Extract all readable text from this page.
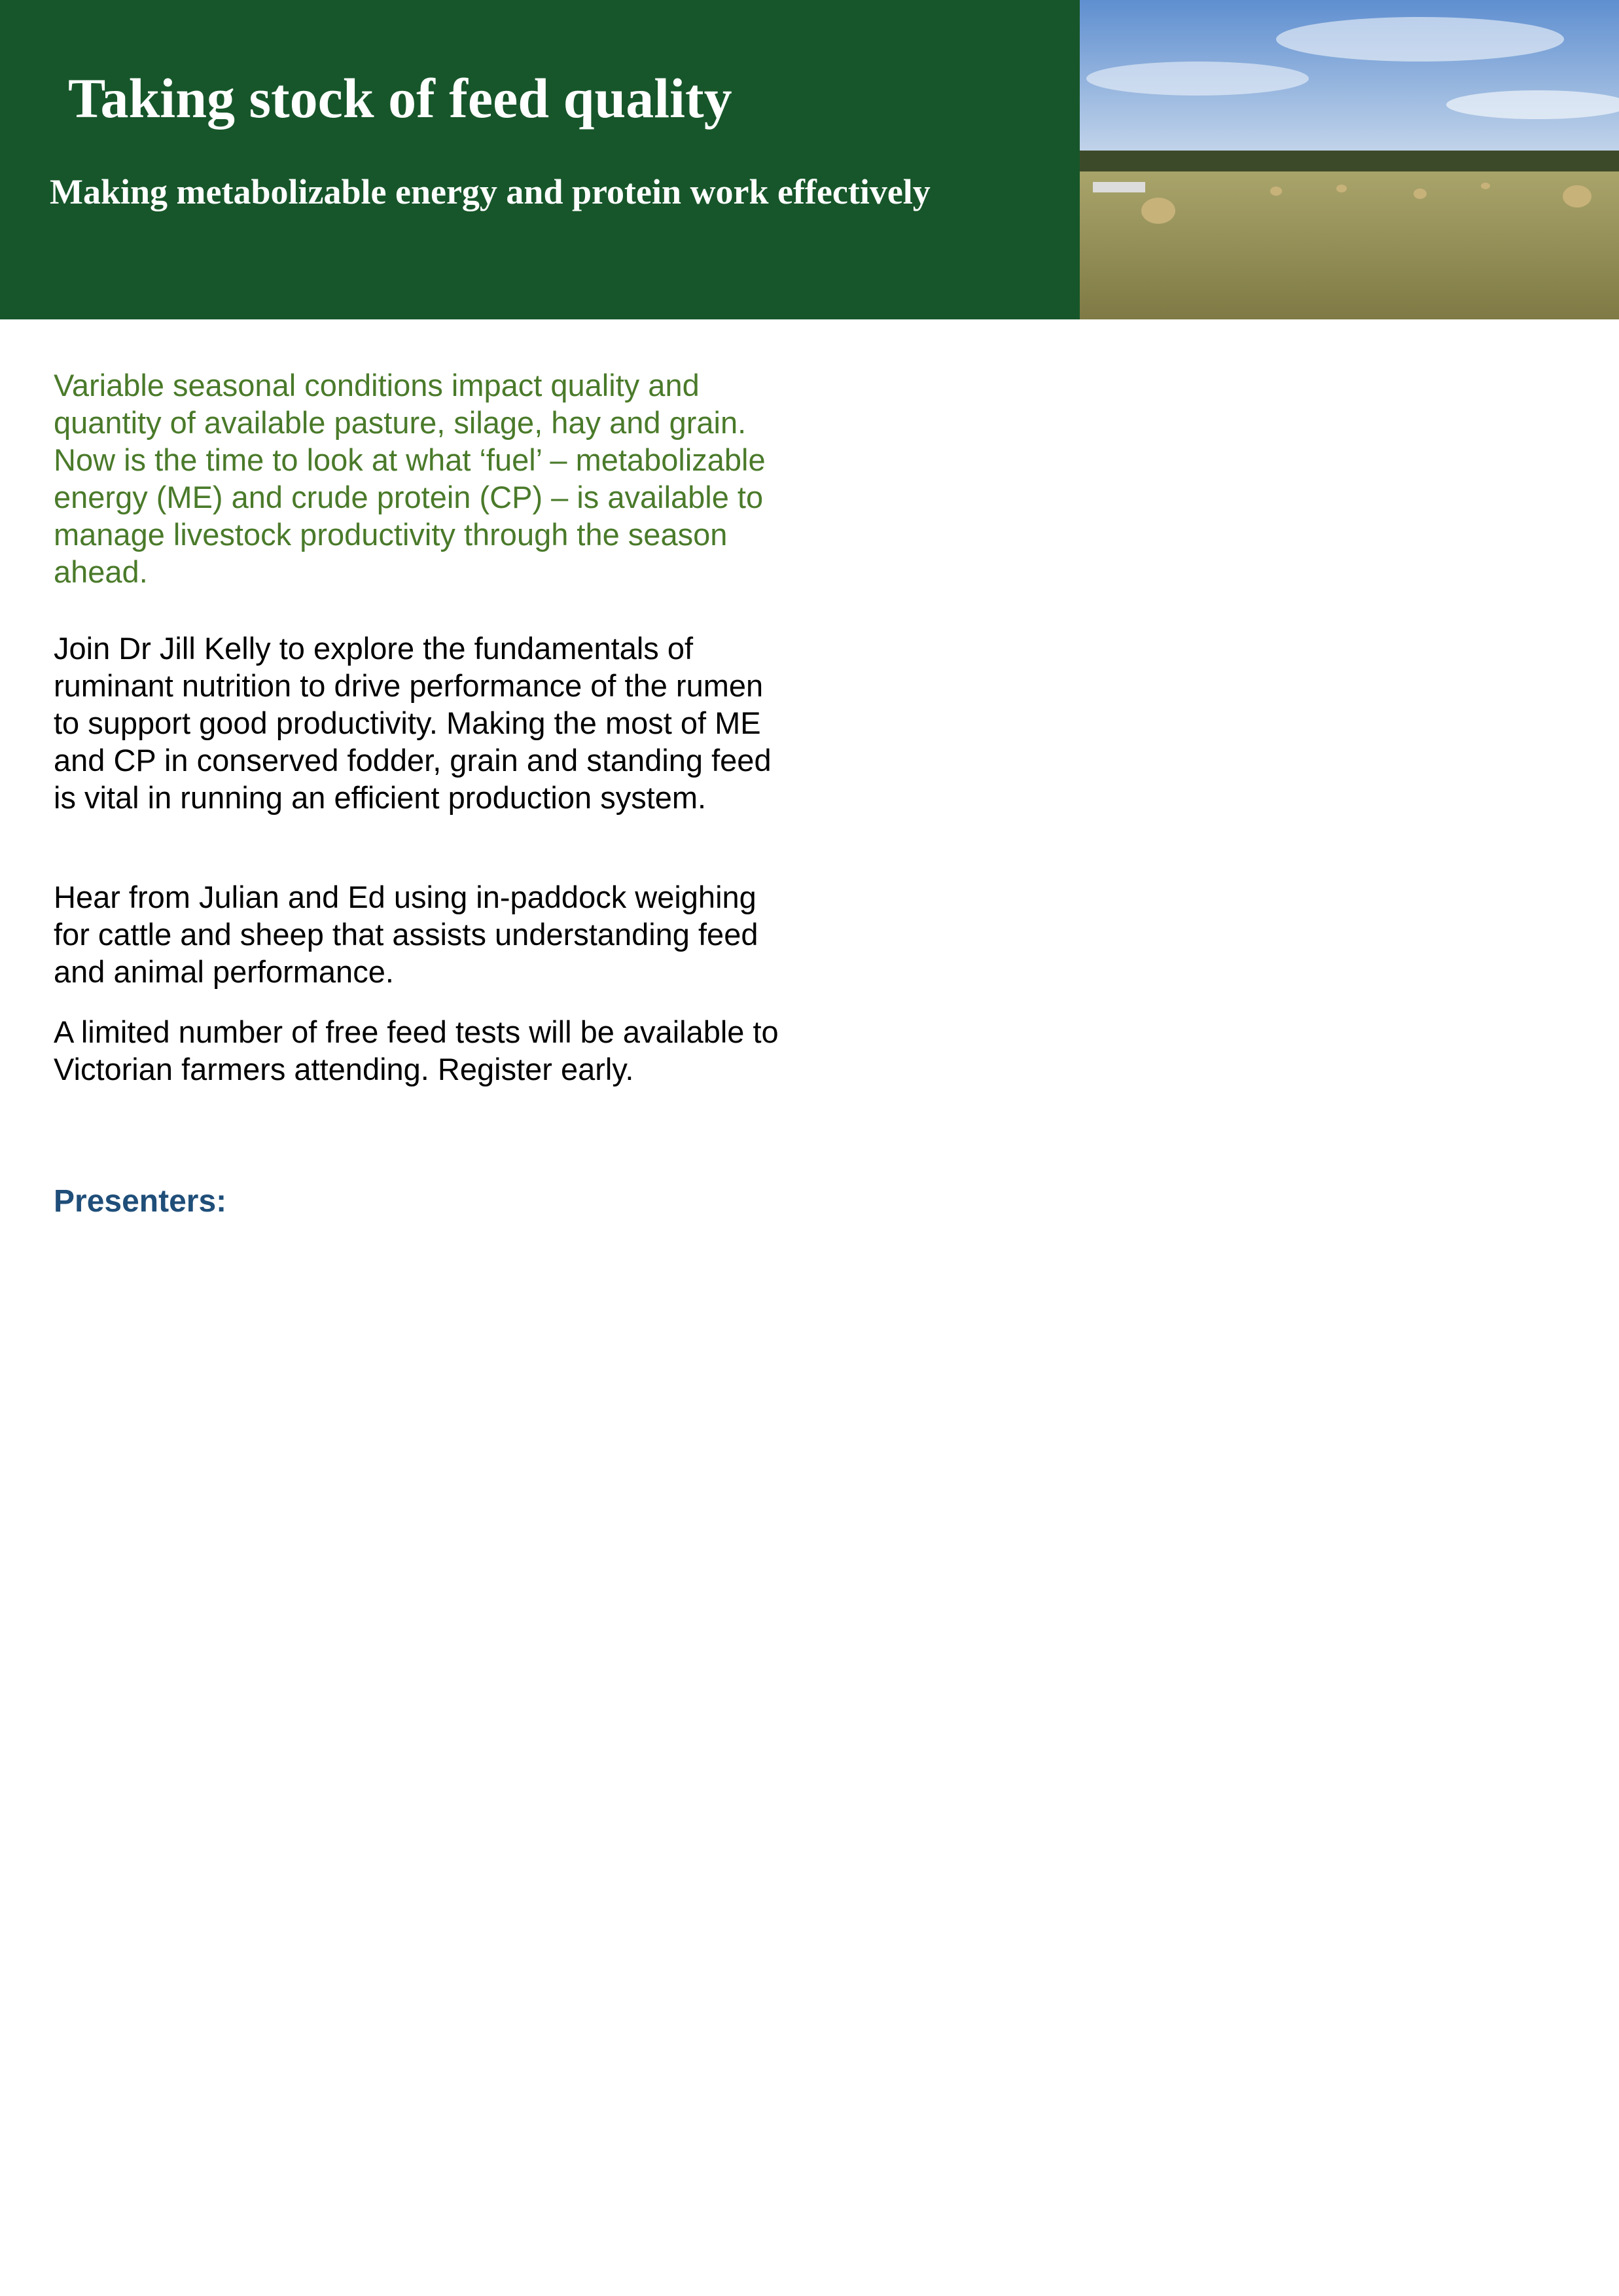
Taking stock of feed quality
Making metabolizable energy and protein work effectively

Variable seasonal conditions impact quality and quantity of available pasture, silage, hay and grain. Now is the time to look at what ‘fuel’ – metabolizable energy (ME) and crude protein (CP) – is available to manage livestock productivity through the season ahead.

Join Dr Jill Kelly to explore the fundamentals of ruminant nutrition to drive performance of the rumen to support good productivity. Making the most of ME and CP in conserved fodder, grain and standing feed is vital in running an efficient production system.

Hear from Julian and Ed using in-paddock weighing for cattle and sheep that assists understanding feed and animal performance.

A limited number of free feed tests will be available to Victorian farmers attending. Register early.

Presenters:
